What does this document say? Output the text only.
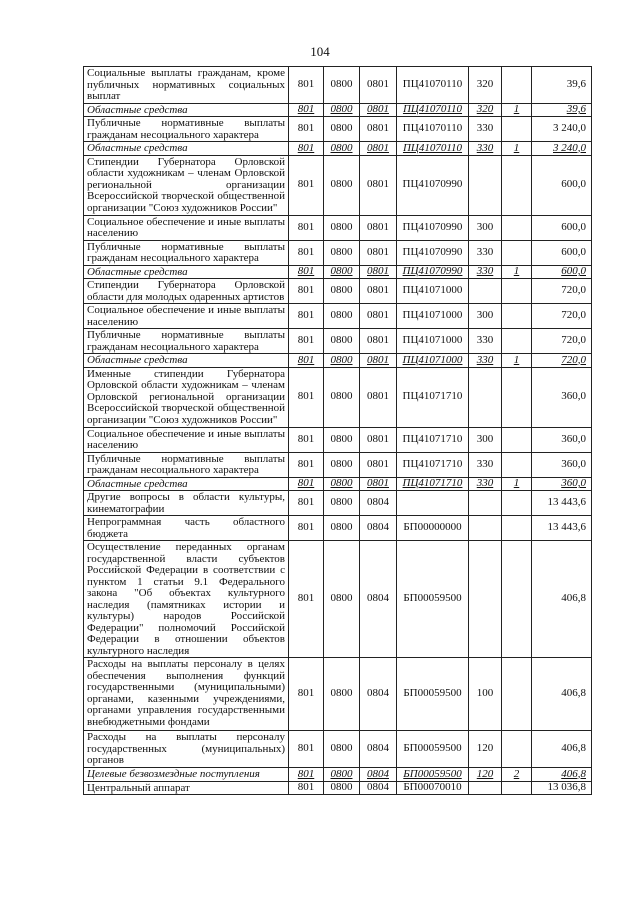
104
Социальные выплаты гражданам, кроме публичных нормативных социальных выплат	801	0800	0801	ПЦ41070110	320		39,6
Областные средства	801	0800	0801	ПЦ41070110	320	1	39,6
Публичные нормативные выплаты гражданам несоциального характера	801	0800	0801	ПЦ41070110	330		3 240,0
Областные средства	801	0800	0801	ПЦ41070110	330	1	3 240,0
Стипендии Губернатора Орловской области художникам – членам Орловской региональной организации Всероссийской творческой общественной организации "Союз художников России"	801	0800	0801	ПЦ41070990			600,0
Социальное обеспечение и иные выплаты населению	801	0800	0801	ПЦ41070990	300		600,0
Публичные нормативные выплаты гражданам несоциального характера	801	0800	0801	ПЦ41070990	330		600,0
Областные средства	801	0800	0801	ПЦ41070990	330	1	600,0
Стипендии Губернатора Орловской области для молодых одаренных артистов	801	0800	0801	ПЦ41071000			720,0
Социальное обеспечение и иные выплаты населению	801	0800	0801	ПЦ41071000	300		720,0
Публичные нормативные выплаты гражданам несоциального характера	801	0800	0801	ПЦ41071000	330		720,0
Областные средства	801	0800	0801	ПЦ41071000	330	1	720,0
Именные стипендии Губернатора Орловской области художникам – членам Орловской региональной организации Всероссийской творческой общественной организации "Союз художников России"	801	0800	0801	ПЦ41071710			360,0
Социальное обеспечение и иные выплаты населению	801	0800	0801	ПЦ41071710	300		360,0
Публичные нормативные выплаты гражданам несоциального характера	801	0800	0801	ПЦ41071710	330		360,0
Областные средства	801	0800	0801	ПЦ41071710	330	1	360,0
Другие вопросы в области культуры, кинематографии	801	0800	0804				13 443,6
Непрограммная часть областного бюджета	801	0800	0804	БП00000000			13 443,6
Осуществление переданных органам государственной власти субъектов Российской Федерации в соответствии с пунктом 1 статьи 9.1 Федерального закона "Об объектах культурного наследия (памятниках истории и культуры) народов Российской Федерации" полномочий Российской Федерации в отношении объектов культурного наследия	801	0800	0804	БП00059500			406,8
Расходы на выплаты персоналу в целях обеспечения выполнения функций государственными (муниципальными) органами, казенными учреждениями, органами управления государственными внебюджетными фондами	801	0800	0804	БП00059500	100		406,8
Расходы на выплаты персоналу государственных (муниципальных) органов	801	0800	0804	БП00059500	120		406,8
Целевые безвозмездные поступления	801	0800	0804	БП00059500	120	2	406,8
Центральный аппарат	801	0800	0804	БП00070010			13 036,8
